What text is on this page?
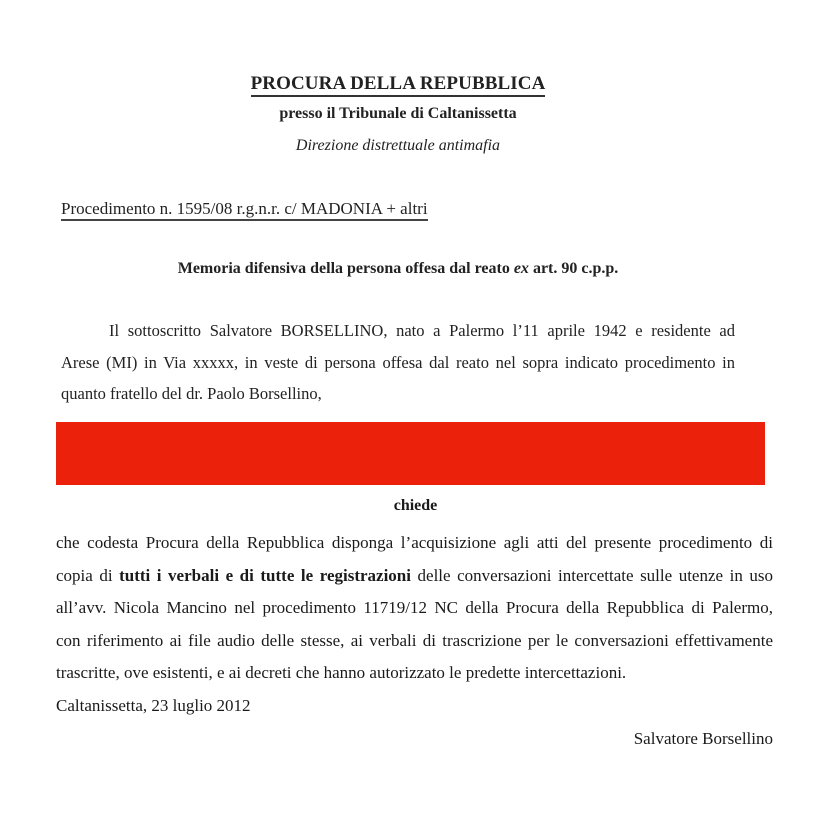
PROCURA DELLA REPUBBLICA
presso il Tribunale di Caltanissetta
Direzione distrettuale antimafia
Procedimento n. 1595/08 r.g.n.r. c/ MADONIA + altri
Memoria difensiva della persona offesa dal reato ex art. 90 c.p.p.
Il sottoscritto Salvatore BORSELLINO, nato a Palermo l’11 aprile 1942 e residente ad
Arese (MI) in Via xxxxx, in veste di persona offesa dal reato nel sopra indicato procedimento in
quanto fratello del dr. Paolo Borsellino,
chiede
che codesta Procura della Repubblica disponga l’acquisizione agli atti del presente procedimento di
copia di tutti i verbali e di tutte le registrazioni delle conversazioni intercettate sulle utenze in uso
all’avv. Nicola Mancino nel procedimento 11719/12 NC della Procura della Repubblica di Palermo,
con riferimento ai file audio delle stesse, ai verbali di trascrizione per le conversazioni effettivamente
trascritte, ove esistenti, e ai decreti che hanno autorizzato le predette intercettazioni.
Caltanissetta, 23 luglio 2012
Salvatore Borsellino
